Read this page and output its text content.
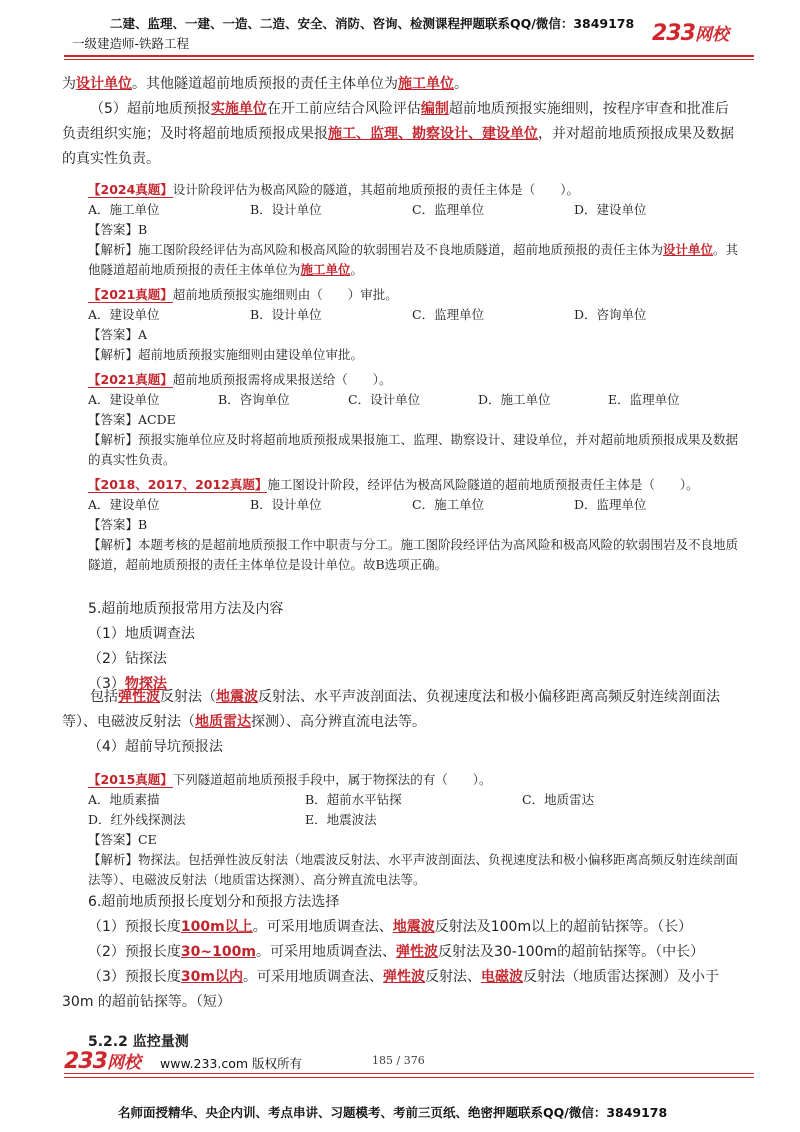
二建、监理、一建、一造、二造、安全、消防、咨询、检测课程押题联系QQ/微信：3849178
一级建造师-铁路工程	233网校
为设计单位。其他隧道超前地质预报的责任主体单位为施工单位。
（5）超前地质预报实施单位在开工前应结合风险评估编制超前地质预报实施细则，按程序审查和批准后负责组织实施；及时将超前地质预报成果报施工、监理、勘察设计、建设单位，并对超前地质预报成果及数据的真实性负责。
【2024真题】设计阶段评估为极高风险的隧道，其超前地质预报的责任主体是（　　）。
A．施工单位	B．设计单位	C．监理单位	D．建设单位
【答案】B
【解析】施工图阶段经评估为高风险和极高风险的软弱围岩及不良地质隧道，超前地质预报的责任主体为设计单位。其他隧道超前地质预报的责任主体单位为施工单位。
【2021真题】超前地质预报实施细则由（　　）审批。
A．建设单位	B．设计单位	C．监理单位	D．咨询单位
【答案】A
【解析】超前地质预报实施细则由建设单位审批。
【2021真题】超前地质预报需将成果报送给（　　）。
A．建设单位	B．咨询单位	C．设计单位	D．施工单位	E．监理单位
【答案】ACDE
【解析】预报实施单位应及时将超前地质预报成果报施工、监理、勘察设计、建设单位，并对超前地质预报成果及数据的真实性负责。
【2018、2017、2012真题】施工图设计阶段，经评估为极高风险隧道的超前地质预报责任主体是（　　）。
A．建设单位	B．设计单位	C．施工单位	D．监理单位
【答案】B
【解析】本题考核的是超前地质预报工作中职责与分工。施工图阶段经评估为高风险和极高风险的软弱围岩及不良地质隧道，超前地质预报的责任主体单位是设计单位。故B选项正确。
5.超前地质预报常用方法及内容
（1）地质调查法
（2）钻探法
（3）物探法
包括弹性波反射法（地震波反射法、水平声波剖面法、负视速度法和极小偏移距离高频反射连续剖面法等）、电磁波反射法（地质雷达探测）、高分辨直流电法等。
（4）超前导坑预报法
【2015真题】下列隧道超前地质预报手段中，属于物探法的有（　　）。
A．地质素描	B．超前水平钻探	C．地质雷达
D．红外线探测法	E．地震波法
【答案】CE
【解析】物探法。包括弹性波反射法（地震波反射法、水平声波剖面法、负视速度法和极小偏移距离高频反射连续剖面法等）、电磁波反射法（地质雷达探测）、高分辨直流电法等。
6.超前地质预报长度划分和预报方法选择
（1）预报长度100m以上。可采用地质调查法、地震波反射法及100m以上的超前钻探等。（长）
（2）预报长度30~100m。可采用地质调查法、弹性波反射法及30-100m的超前钻探等。（中长）
（3）预报长度30m以内。可采用地质调查法、弹性波反射法、电磁波反射法（地质雷达探测）及小于30m 的超前钻探等。（短）
5.2.2 监控量测
233网校 www.233.com 版权所有	185 / 376
名师面授精华、央企内训、考点串讲、习题模考、考前三页纸、绝密押题联系QQ/微信：3849178
